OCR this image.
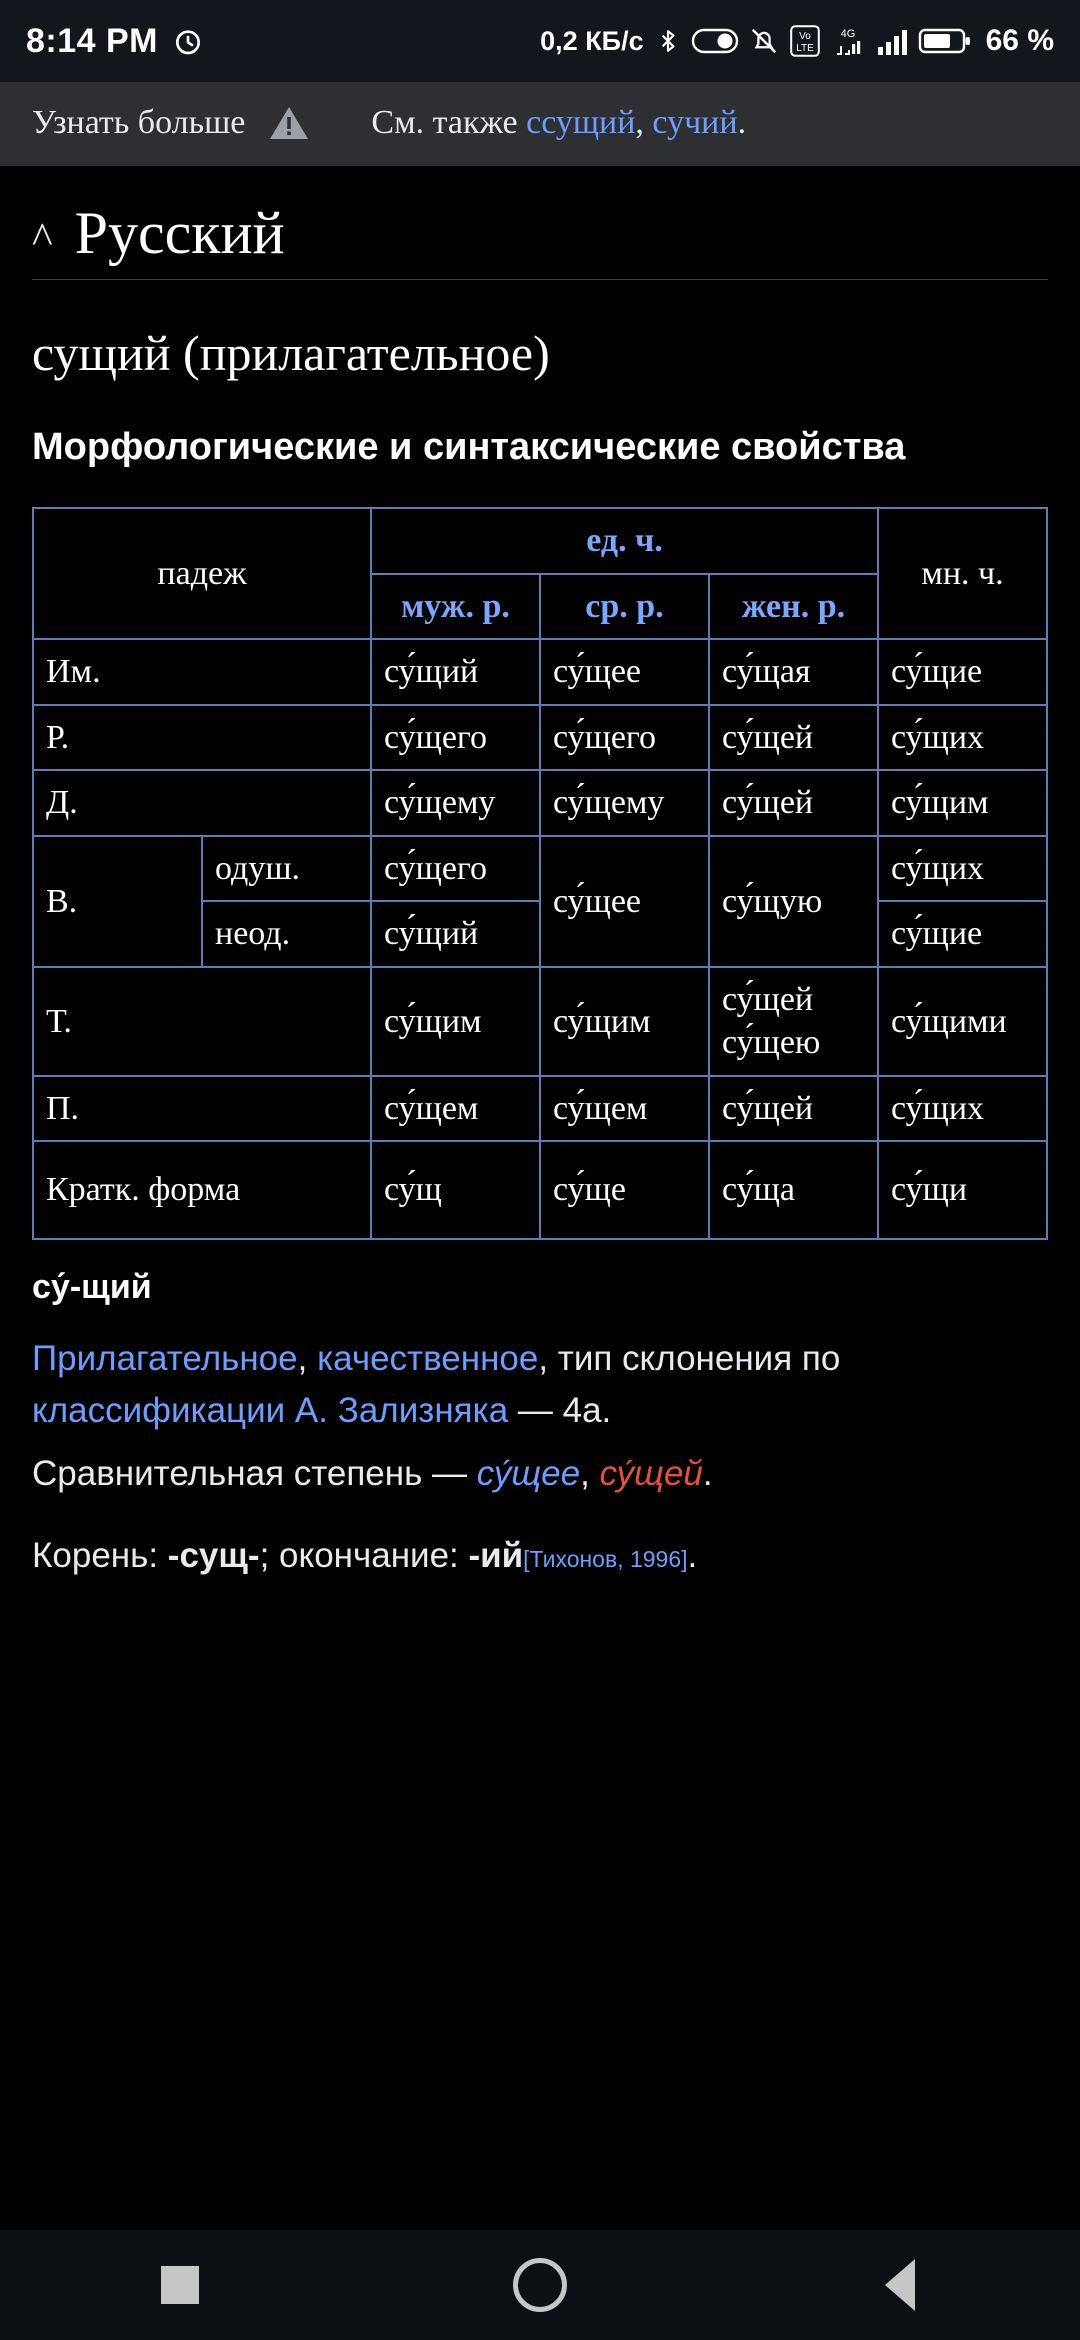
8:14 PM	0,2 КБ/с	Vo
LTE
4G	66 %
Узнать больше	См. также ссущий, сучий.
^ Русский
сущий (прилагательное)
Морфологические и синтаксические свойства
падеж		ед. ч.			мн. ч.
		муж. р.	ср. р.	жен. р.	
Им.		су́щий	су́щее	су́щая	су́щие
Р.		су́щего	су́щего	су́щей	су́щих
Д.		су́щему	су́щему	су́щей	су́щим
В.	одуш.	су́щего	су́щее	су́щую	су́щих
	неод.	су́щий			су́щие
Т.		су́щим	су́щим	су́щей су́щею	су́щими
П.		су́щем	су́щем	су́щей	су́щих
Кратк. форма		су́щ	су́ще	су́ща	су́щи
су́-щий
Прилагательное, качественное, тип склонения по классификации А. Зализняка — 4a.
Сравнительная степень — су́щее, су́щей.
Корень: -сущ-; окончание: -ий[Тихонов, 1996].
